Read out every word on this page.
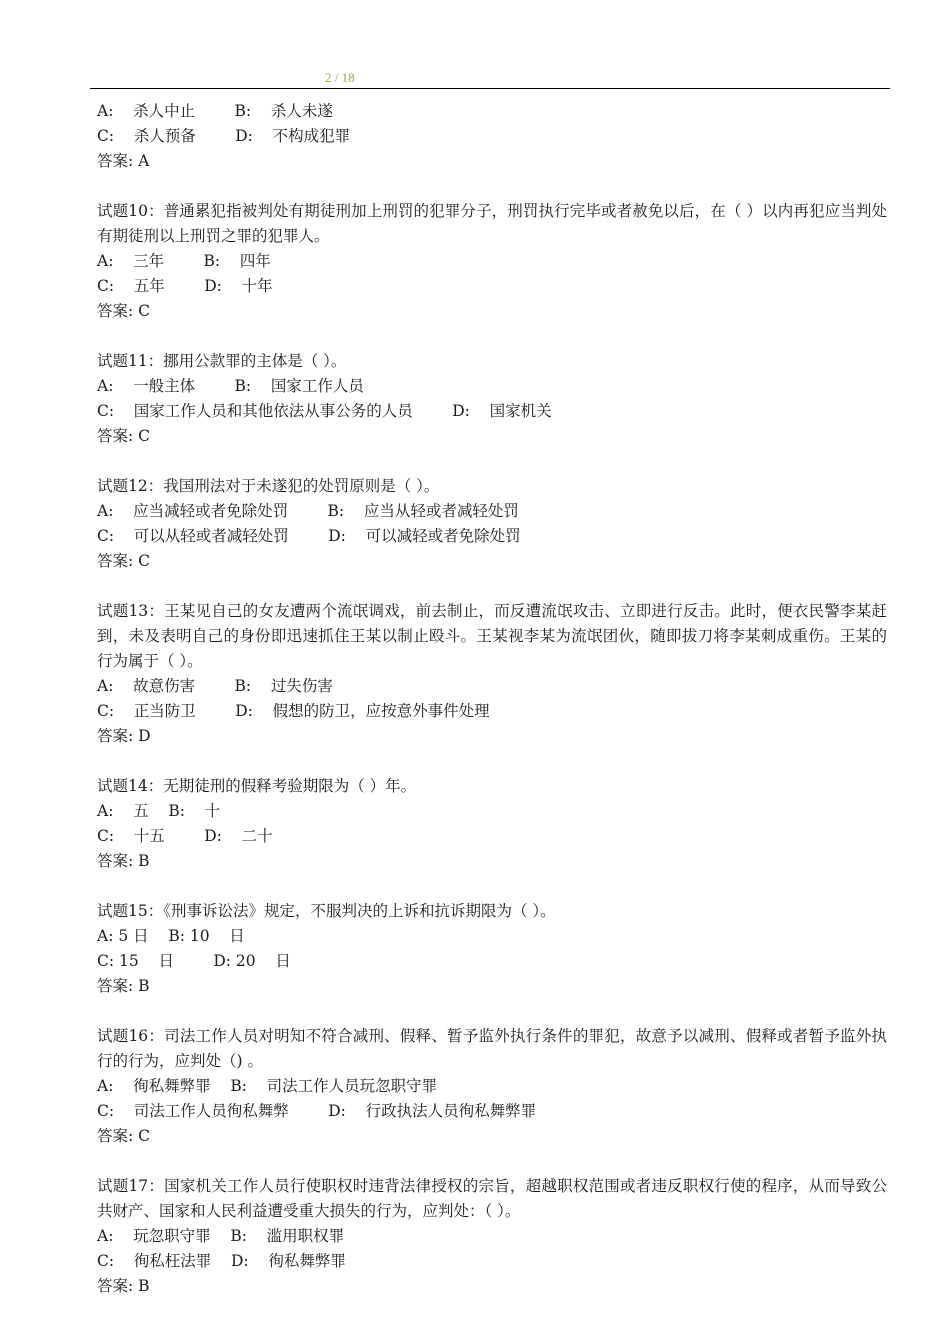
2 / 18
A:    杀人中止        B:    杀人未遂
C:    杀人预备        D:    不构成犯罪
答案: A
试题10：普通累犯指被判处有期徒刑加上刑罚的犯罪分子，刑罚执行完毕或者赦免以后，在（ ）以内再犯应当判处有期徒刑以上刑罚之罪的犯罪人。
A:    三年        B:    四年
C:    五年        D:    十年
答案: C
试题11：挪用公款罪的主体是（ ）。
A:    一般主体        B:    国家工作人员
C:    国家工作人员和其他依法从事公务的人员        D:    国家机关
答案: C
试题12：我国刑法对于未遂犯的处罚原则是（ ）。
A:    应当减轻或者免除处罚        B:    应当从轻或者减轻处罚
C:    可以从轻或者减轻处罚        D:    可以减轻或者免除处罚
答案: C
试题13：王某见自己的女友遭两个流氓调戏，前去制止，而反遭流氓攻击、立即进行反击。此时，便衣民警李某赶到，未及表明自己的身份即迅速抓住王某以制止殴斗。王某视李某为流氓团伙，随即拔刀将李某刺成重伤。王某的行为属于（ ）。
A:    故意伤害        B:    过失伤害
C:    正当防卫        D:    假想的防卫，应按意外事件处理
答案: D
试题14：无期徒刑的假释考验期限为（ ）年。
A:    五    B:    十
C:    十五        D:    二十
答案: B
试题15：《刑事诉讼法》规定，不服判决的上诉和抗诉期限为（ ）。
A: 5 日    B: 10    日
C: 15    日        D: 20    日
答案: B
试题16：司法工作人员对明知不符合减刑、假释、暂予监外执行条件的罪犯，故意予以减刑、假释或者暂予监外执行的行为，应判处（) 。
A:    徇私舞弊罪    B:    司法工作人员玩忽职守罪
C:    司法工作人员徇私舞弊        D:    行政执法人员徇私舞弊罪
答案: C
试题17：国家机关工作人员行使职权时违背法律授权的宗旨，超越职权范围或者违反职权行使的程序，从而导致公共财产、国家和人民利益遭受重大损失的行为，应判处：（ ）。
A:    玩忽职守罪    B:    滥用职权罪
C:    徇私枉法罪    D:    徇私舞弊罪
答案: B
